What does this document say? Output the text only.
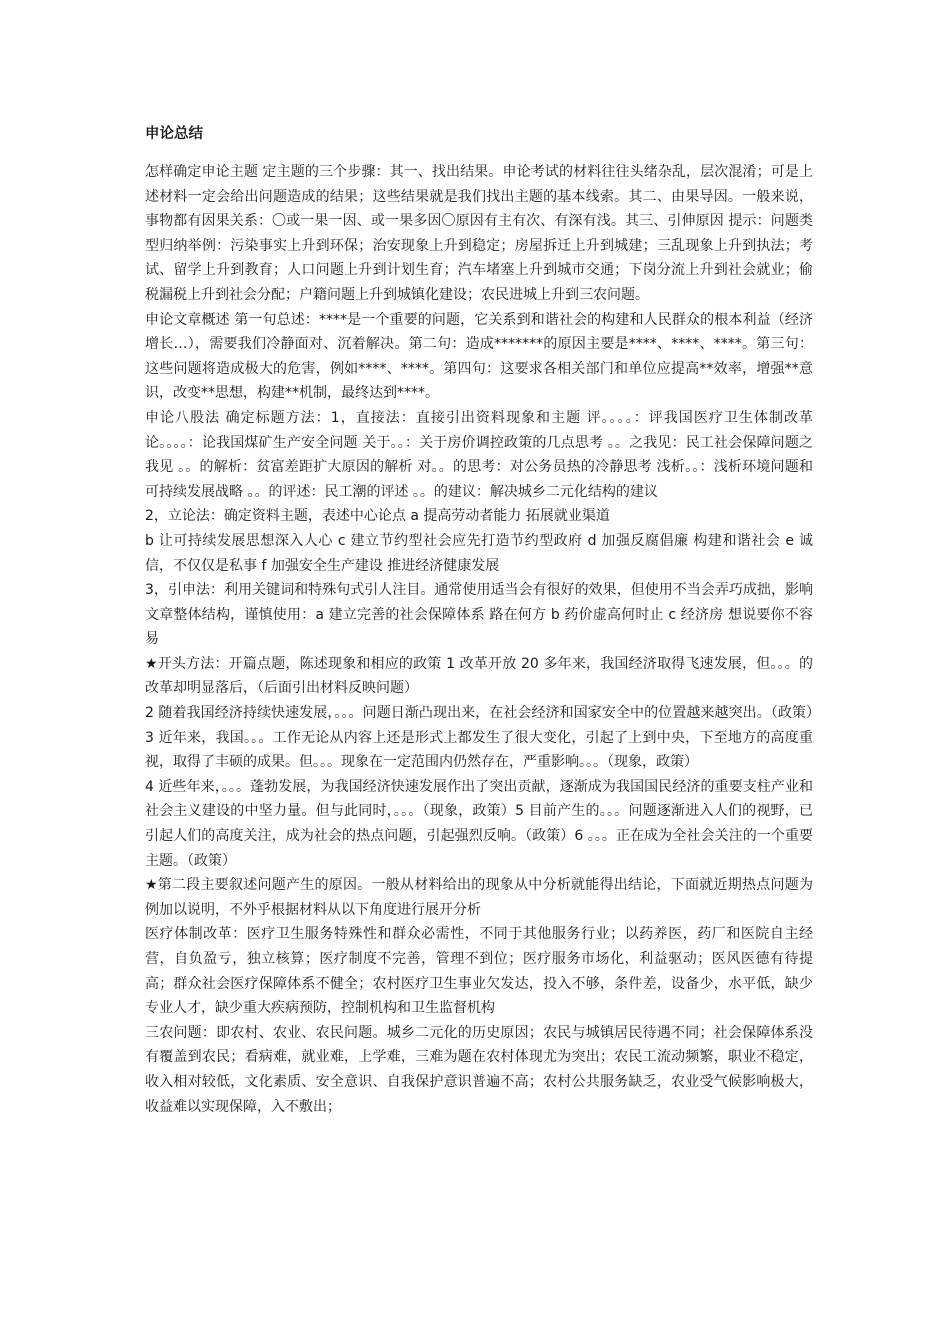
申论总结

怎样确定申论主题 定主题的三个步骤：其一、找出结果。申论考试的材料往往头绪杂乱，层次混淆；可是上述材料一定会给出问题造成的结果；这些结果就是我们找出主题的基本线索。其二、由果导因。一般来说，事物都有因果关系：〇或一果一因、或一果多因〇原因有主有次、有深有浅。其三、引伸原因 提示：问题类型归纳举例：污染事实上升到环保；治安现象上升到稳定；房屋拆迁上升到城建；三乱现象上升到执法；考试、留学上升到教育；人口问题上升到计划生育；汽车堵塞上升到城市交通；下岗分流上升到社会就业；偷税漏税上升到社会分配；户籍问题上升到城镇化建设；农民进城上升到三农问题。

申论文章概述 第一句总述：****是一个重要的问题，它关系到和谐社会的构建和人民群众的根本利益（经济增长…），需要我们冷静面对、沉着解决。第二句：造成*******的原因主要是****、****、****。第三句：这些问题将造成极大的危害，例如****、****。第四句：这要求各相关部门和单位应提高**效率，增强**意识，改变**思想，构建**机制，最终达到****。

申论八股法 确定标题方法：1，直接法：直接引出资料现象和主题 评。。。。：评我国医疗卫生体制改革 论。。。。：论我国煤矿生产安全问题 关于。。：关于房价调控政策的几点思考 。。之我见：民工社会保障问题之我见 。。的解析：贫富差距扩大原因的解析 对。。的思考：对公务员热的冷静思考 浅析。。：浅析环境问题和可持续发展战略 。。的评述：民工潮的评述 。。的建议：解决城乡二元化结构的建议

2，立论法：确定资料主题，表述中心论点 a 提高劳动者能力 拓展就业渠道

b 让可持续发展思想深入人心 c 建立节约型社会应先打造节约型政府 d 加强反腐倡廉 构建和谐社会 e 诚信，不仅仅是私事 f 加强安全生产建设 推进经济健康发展

3，引申法：利用关键词和特殊句式引人注目。通常使用适当会有很好的效果，但使用不当会弄巧成拙，影响文章整体结构，谨慎使用：a 建立完善的社会保障体系 路在何方 b 药价虚高何时止 c 经济房 想说要你不容易

★开头方法：开篇点题，陈述现象和相应的政策 1 改革开放 20 多年来，我国经济取得飞速发展，但。。。的改革却明显落后，（后面引出材料反映问题）

2 随着我国经济持续快速发展，。。。问题日渐凸现出来，在社会经济和国家安全中的位置越来越突出。（政策）3 近年来，我国。。。工作无论从内容上还是形式上都发生了很大变化，引起了上到中央，下至地方的高度重视，取得了丰硕的成果。但。。。现象在一定范围内仍然存在，严重影响。。。（现象，政策）

4 近些年来，。。。蓬勃发展，为我国经济快速发展作出了突出贡献，逐渐成为我国国民经济的重要支柱产业和社会主义建设的中坚力量。但与此同时，。。。（现象，政策）5 目前产生的。。。问题逐渐进入人们的视野，已引起人们的高度关注，成为社会的热点问题，引起强烈反响。（政策）6 。。。正在成为全社会关注的一个重要主题。（政策）

★第二段主要叙述问题产生的原因。一般从材料给出的现象从中分析就能得出结论，下面就近期热点问题为例加以说明，不外乎根据材料从以下角度进行展开分析

医疗体制改革：医疗卫生服务特殊性和群众必需性，不同于其他服务行业；以药养医，药厂和医院自主经营，自负盈亏，独立核算；医疗制度不完善，管理不到位；医疗服务市场化，利益驱动；医风医德有待提高；群众社会医疗保障体系不健全；农村医疗卫生事业欠发达，投入不够，条件差，设备少，水平低，缺少专业人才，缺少重大疾病预防，控制机构和卫生监督机构

三农问题：即农村、农业、农民问题。城乡二元化的历史原因；农民与城镇居民待遇不同；社会保障体系没有覆盖到农民；看病难，就业难，上学难，三难为题在农村体现尤为突出；农民工流动频繁，职业不稳定，收入相对较低，文化素质、安全意识、自我保护意识普遍不高；农村公共服务缺乏，农业受气候影响极大，收益难以实现保障，入不敷出；
